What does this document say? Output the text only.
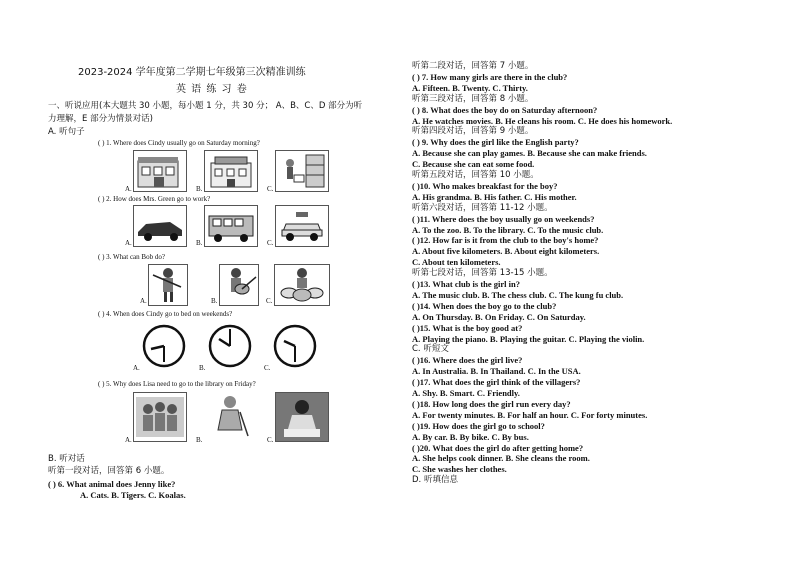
2023-2024 学年度第二学期七年级第三次精准训练
英 语 练 习 卷
一、听说应用(本大题共 30 小题，每小题 1 分，共 30 分； A、B、C、D 部分为听
力理解，E 部分为情景对话)
A. 听句子
( ) 1. Where does Cindy usually go on Saturday morning?
A.	B.	C.
( ) 2. How does Mrs. Green go to work?
A.	B.	C.
( ) 3. What can Bob do?
A.	B.	C.
( ) 4. When does Cindy go to bed on weekends?
A.	B.	C.
( ) 5. Why does Lisa need to go to the library on Friday?
A.	B.	C.
B. 听对话
听第一段对话，回答第 6 小题。
( ) 6. What animal does Jenny like?
A. Cats. B. Tigers. C. Koalas.
听第二段对话，回答第 7 小题。
( ) 7. How many girls are there in the club?
A. Fifteen. B. Twenty. C. Thirty.
听第三段对话，回答第 8 小题。
( ) 8. What does the boy do on Saturday afternoon?
A. He watches movies. B. He cleans his room. C. He does his homework.
听第四段对话，回答第 9 小题。
( ) 9. Why does the girl like the English party?
A. Because she can play games. B. Because she can make friends.
C. Because she can eat some food.
听第五段对话，回答第 10 小题。
( )10. Who makes breakfast for the boy?
A. His grandma. B. His father. C. His mother.
听第六段对话，回答第 11-12 小题。
( )11. Where does the boy usually go on weekends?
A. To the zoo. B. To the library. C. To the music club.
( )12. How far is it from the club to the boy's home?
A. About five kilometers. B. About eight kilometers.
C. About ten kilometers.
听第七段对话，回答第 13-15 小题。
( )13. What club is the girl in?
A. The music club. B. The chess club. C. The kung fu club.
( )14. When does the boy go to the club?
A. On Thursday. B. On Friday. C. On Saturday.
( )15. What is the boy good at?
A. Playing the piano. B. Playing the guitar. C. Playing the violin.
C. 听短文
( )16. Where does the girl live?
A. In Australia. B. In Thailand. C. In the USA.
( )17. What does the girl think of the villagers?
A. Shy. B. Smart. C. Friendly.
( )18. How long does the girl run every day?
A. For twenty minutes. B. For half an hour. C. For forty minutes.
( )19. How does the girl go to school?
A. By car. B. By bike. C. By bus.
( )20. What does the girl do after getting home?
A. She helps cook dinner. B. She cleans the room.
C. She washes her clothes.
D. 听填信息
